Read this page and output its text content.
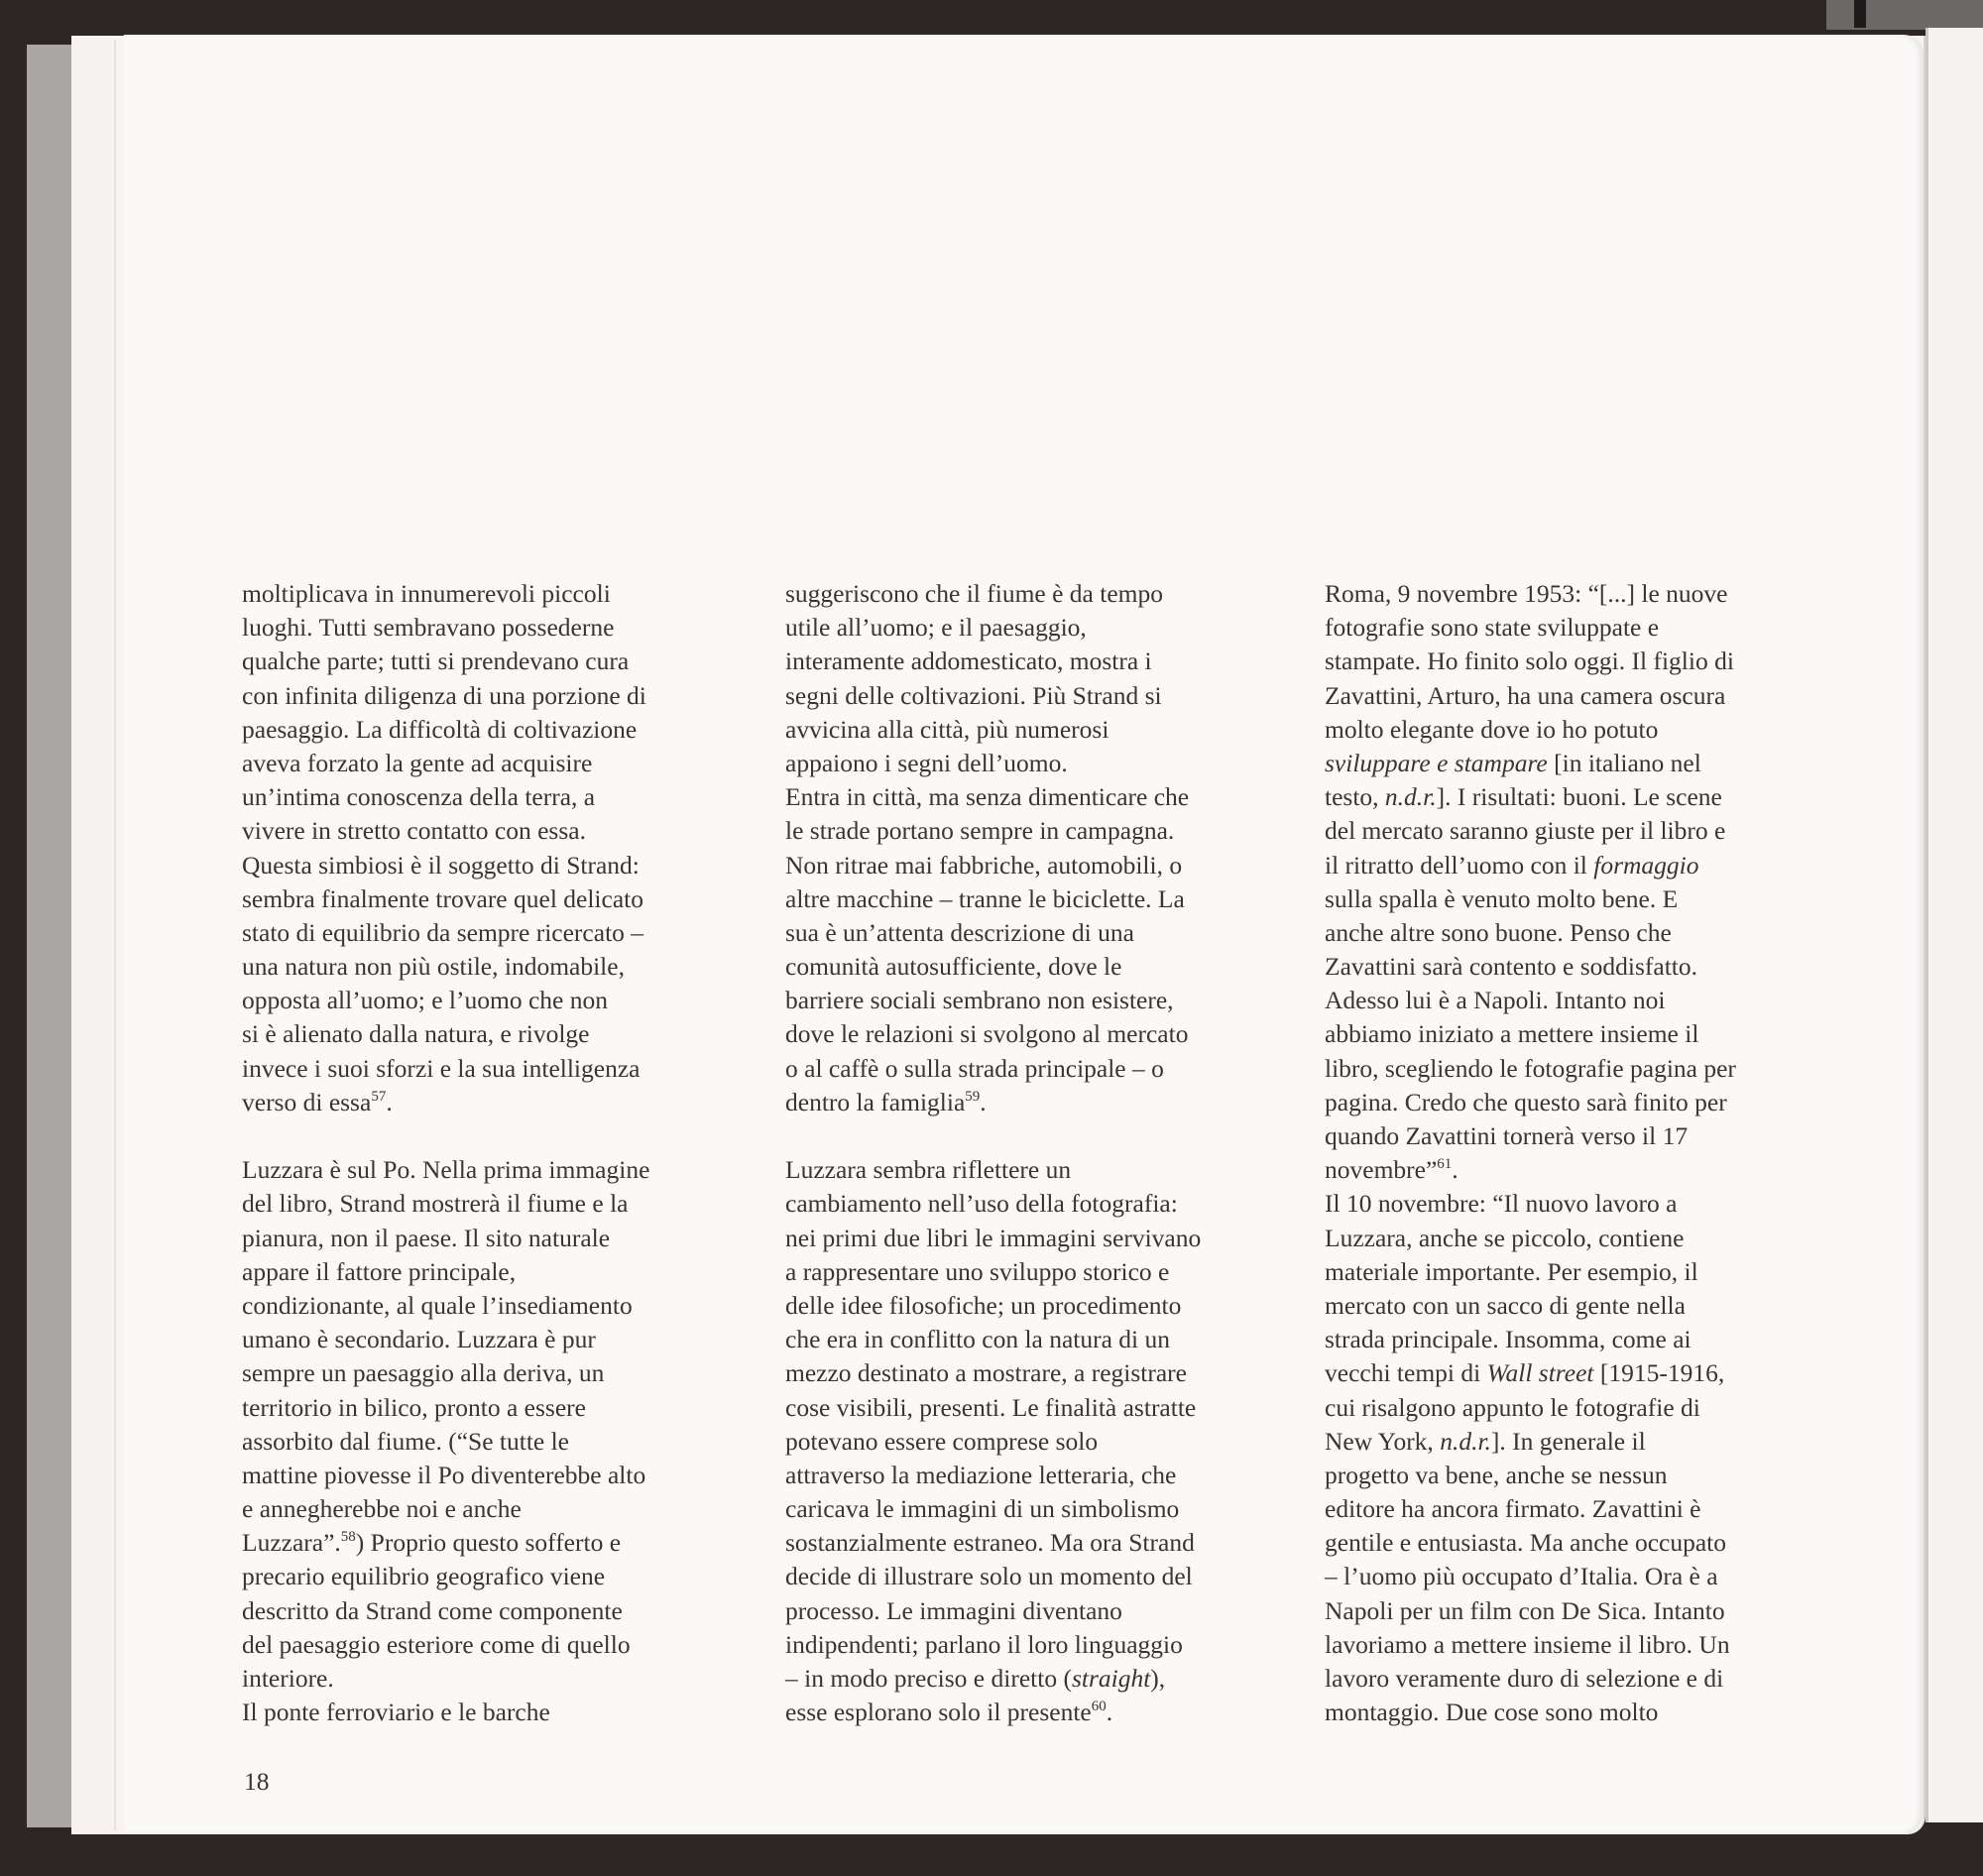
moltiplicava in innumerevoli piccoli
luoghi. Tutti sembravano possederne
qualche parte; tutti si prendevano cura
con infinita diligenza di una porzione di
paesaggio. La difficoltà di coltivazione
aveva forzato la gente ad acquisire
un’intima conoscenza della terra, a
vivere in stretto contatto con essa.
Questa simbiosi è il soggetto di Strand:
sembra finalmente trovare quel delicato
stato di equilibrio da sempre ricercato –
una natura non più ostile, indomabile,
opposta all’uomo; e l’uomo che non
si è alienato dalla natura, e rivolge
invece i suoi sforzi e la sua intelligenza
verso di essa$^{57}$.
Luzzara è sul Po. Nella prima immagine
del libro, Strand mostrerà il fiume e la
pianura, non il paese. Il sito naturale
appare il fattore principale,
condizionante, al quale l’insediamento
umano è secondario. Luzzara è pur
sempre un paesaggio alla deriva, un
territorio in bilico, pronto a essere
assorbito dal fiume. (“Se tutte le
mattine piovesse il Po diventerebbe alto
e annegherebbe noi e anche
Luzzara”.$^{58}$) Proprio questo sofferto e
precario equilibrio geografico viene
descritto da Strand come componente
del paesaggio esteriore come di quello
interiore.
Il ponte ferroviario e le barche
suggeriscono che il fiume è da tempo
utile all’uomo; e il paesaggio,
interamente addomesticato, mostra i
segni delle coltivazioni. Più Strand si
avvicina alla città, più numerosi
appaiono i segni dell’uomo.
Entra in città, ma senza dimenticare che
le strade portano sempre in campagna.
Non ritrae mai fabbriche, automobili, o
altre macchine – tranne le biciclette. La
sua è un’attenta descrizione di una
comunità autosufficiente, dove le
barriere sociali sembrano non esistere,
dove le relazioni si svolgono al mercato
o al caffè o sulla strada principale – o
dentro la famiglia$^{59}$.
Luzzara sembra riflettere un
cambiamento nell’uso della fotografia:
nei primi due libri le immagini servivano
a rappresentare uno sviluppo storico e
delle idee filosofiche; un procedimento
che era in conflitto con la natura di un
mezzo destinato a mostrare, a registrare
cose visibili, presenti. Le finalità astratte
potevano essere comprese solo
attraverso la mediazione letteraria, che
caricava le immagini di un simbolismo
sostanzialmente estraneo. Ma ora Strand
decide di illustrare solo un momento del
processo. Le immagini diventano
indipendenti; parlano il loro linguaggio
– in modo preciso e diretto (straight),
esse esplorano solo il presente$^{60}$.
Roma, 9 novembre 1953: “[...] le nuove
fotografie sono state sviluppate e
stampate. Ho finito solo oggi. Il figlio di
Zavattini, Arturo, ha una camera oscura
molto elegante dove io ho potuto
sviluppare e stampare [in italiano nel
testo, n.d.r.]. I risultati: buoni. Le scene
del mercato saranno giuste per il libro e
il ritratto dell’uomo con il formaggio
sulla spalla è venuto molto bene. E
anche altre sono buone. Penso che
Zavattini sarà contento e soddisfatto.
Adesso lui è a Napoli. Intanto noi
abbiamo iniziato a mettere insieme il
libro, scegliendo le fotografie pagina per
pagina. Credo che questo sarà finito per
quando Zavattini tornerà verso il 17
novembre”$^{61}$.
Il 10 novembre: “Il nuovo lavoro a
Luzzara, anche se piccolo, contiene
materiale importante. Per esempio, il
mercato con un sacco di gente nella
strada principale. Insomma, come ai
vecchi tempi di Wall street [1915-1916,
cui risalgono appunto le fotografie di
New York, n.d.r.]. In generale il
progetto va bene, anche se nessun
editore ha ancora firmato. Zavattini è
gentile e entusiasta. Ma anche occupato
– l’uomo più occupato d’Italia. Ora è a
Napoli per un film con De Sica. Intanto
lavoriamo a mettere insieme il libro. Un
lavoro veramente duro di selezione e di
montaggio. Due cose sono molto
18
